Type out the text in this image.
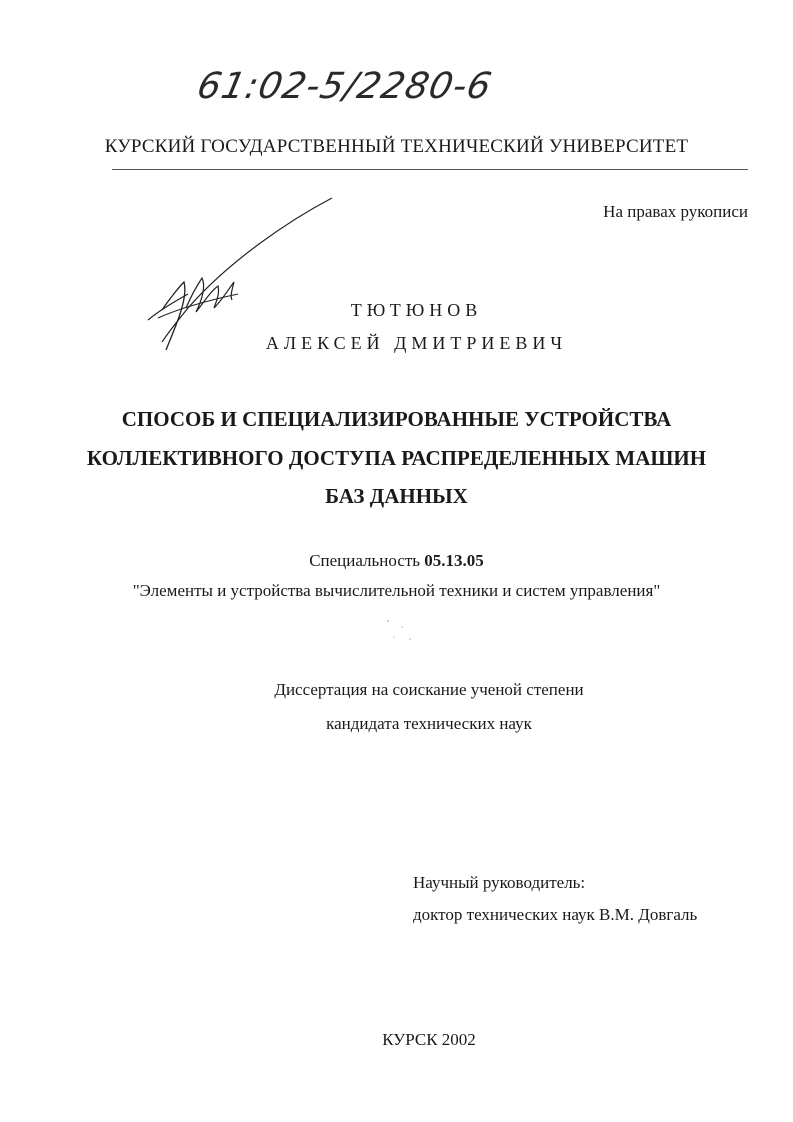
61:02-5/2280-6
КУРСКИЙ ГОСУДАРСТВЕННЫЙ ТЕХНИЧЕСКИЙ УНИВЕРСИТЕТ
На правах рукописи
ТЮТЮНОВ
АЛЕКСЕЙ ДМИТРИЕВИЧ
СПОСОБ И СПЕЦИАЛИЗИРОВАННЫЕ УСТРОЙСТВА
КОЛЛЕКТИВНОГО ДОСТУПА РАСПРЕДЕЛЕННЫХ МАШИН
БАЗ ДАННЫХ
Специальность 05.13.05
"Элементы и устройства вычислительной техники и систем управления"
Диссертация на соискание ученой степени
кандидата технических наук
Научный руководитель:
доктор технических наук В.М. Довгаль
КУРСК 2002
